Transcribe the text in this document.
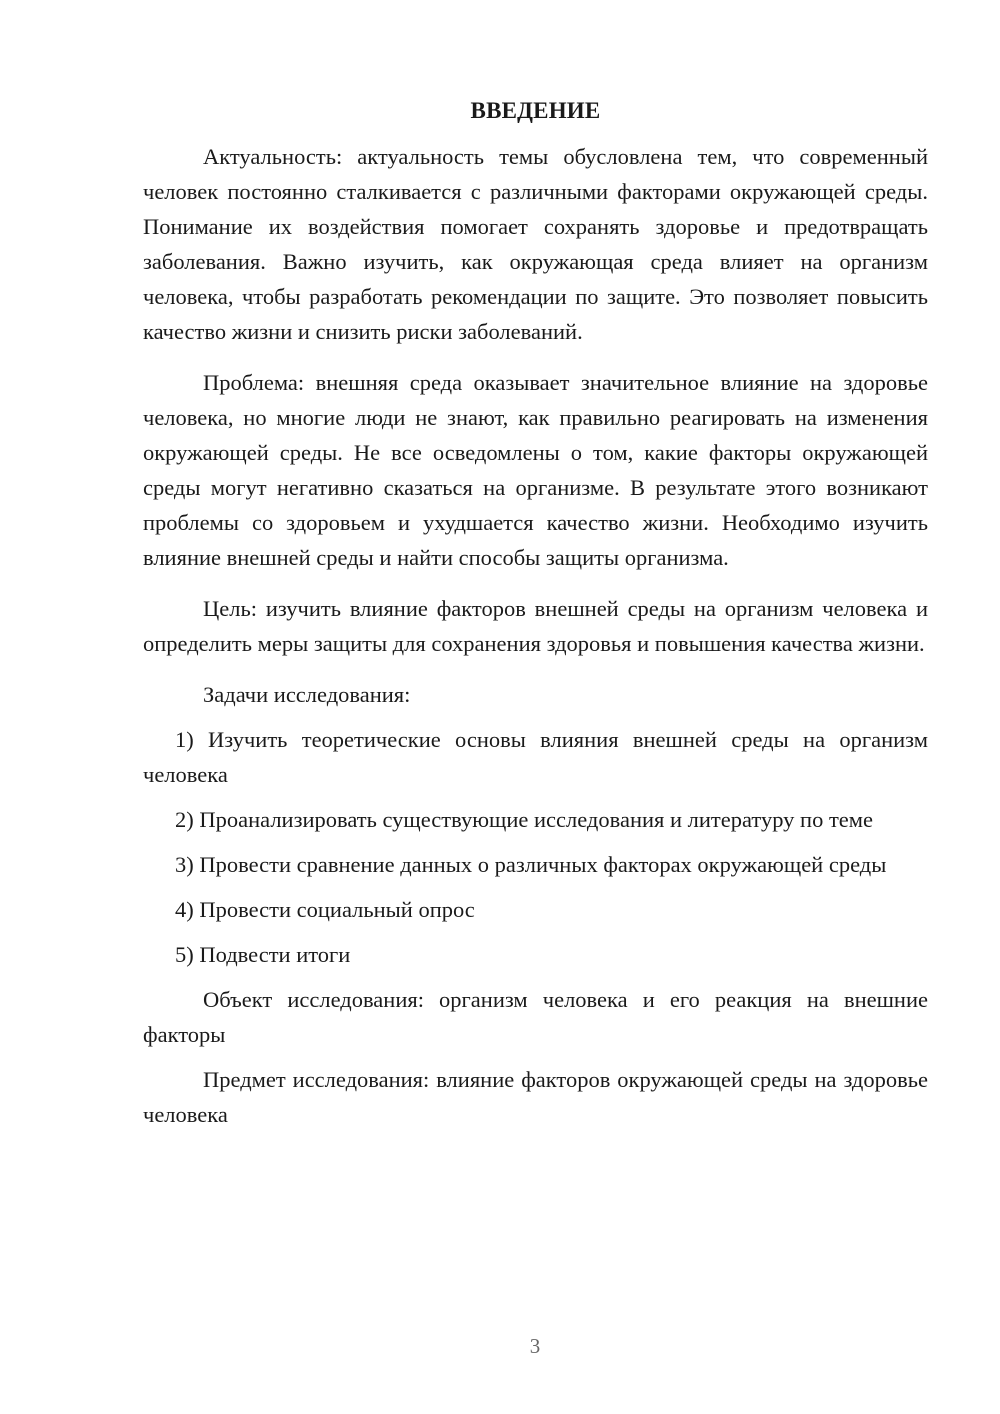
ВВЕДЕНИЕ

Актуальность: актуальность темы обусловлена тем, что современный человек постоянно сталкивается с различными факторами окружающей среды. Понимание их воздействия помогает сохранять здоровье и предотвращать заболевания. Важно изучить, как окружающая среда влияет на организм человека, чтобы разработать рекомендации по защите. Это позволяет повысить качество жизни и снизить риски заболеваний.

Проблема: внешняя среда оказывает значительное влияние на здоровье человека, но многие люди не знают, как правильно реагировать на изменения окружающей среды. Не все осведомлены о том, какие факторы окружающей среды могут негативно сказаться на организме. В результате этого возникают проблемы со здоровьем и ухудшается качество жизни. Необходимо изучить влияние внешней среды и найти способы защиты организма.

Цель: изучить влияние факторов внешней среды на организм человека и определить меры защиты для сохранения здоровья и повышения качества жизни.

Задачи исследования:

1) Изучить теоретические основы влияния внешней среды на организм человека

2) Проанализировать существующие исследования и литературу по теме

3) Провести сравнение данных о различных факторах окружающей среды

4) Провести социальный опрос

5) Подвести итоги

Объект исследования: организм человека и его реакция на внешние факторы

Предмет исследования: влияние факторов окружающей среды на здоровье человека

3
